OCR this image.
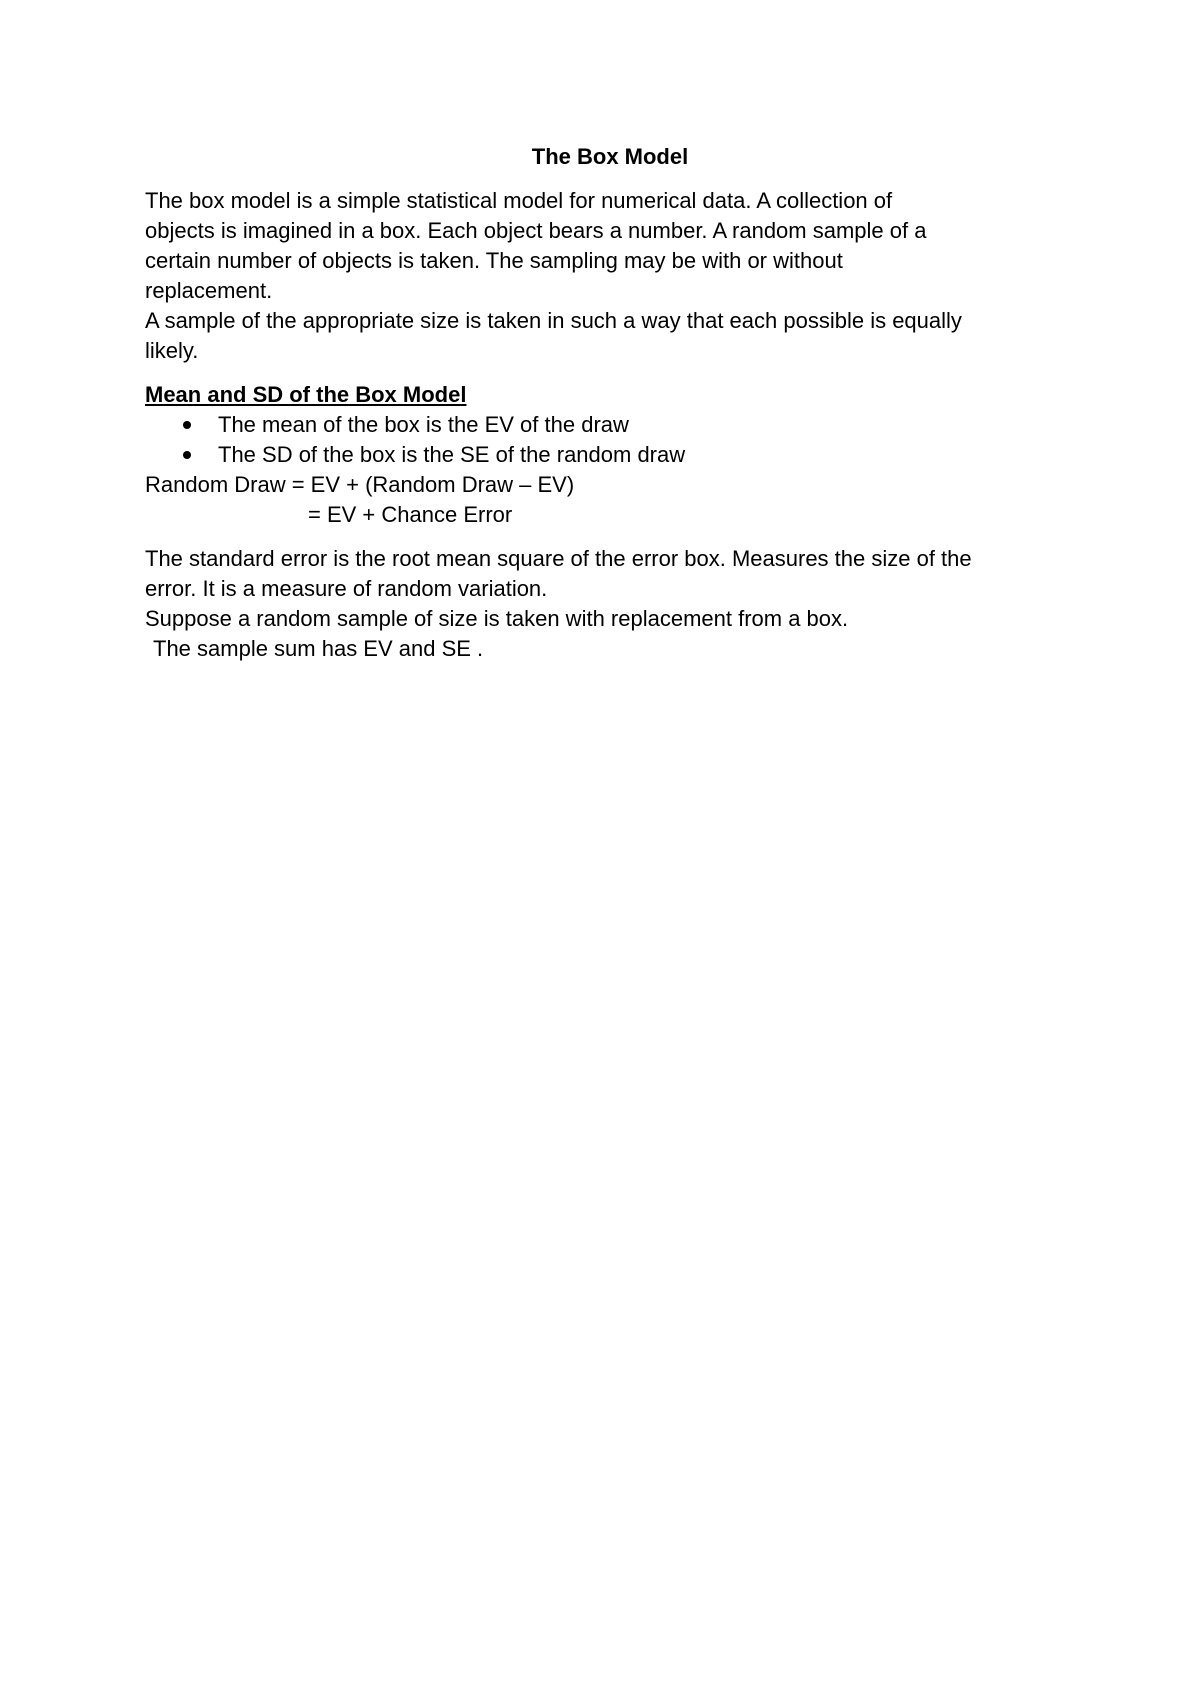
The Box Model

The box model is a simple statistical model for numerical data. A collection of

objects is imagined in a box. Each object bears a number. A random sample of a

certain number of objects is taken. The sampling may be with or without

replacement.

A sample of the appropriate size is taken in such a way that each possible is equally

likely.

Mean and SD of the Box Model

The mean of the box is the EV of the draw
The SD of the box is the SE of the random draw

Random Draw = EV + (Random Draw – EV)

= EV + Chance Error

The standard error is the root mean square of the error box. Measures the size of the

error. It is a measure of random variation.

Suppose a random sample of size is taken with replacement from a box.

The sample sum has EV and SE .
